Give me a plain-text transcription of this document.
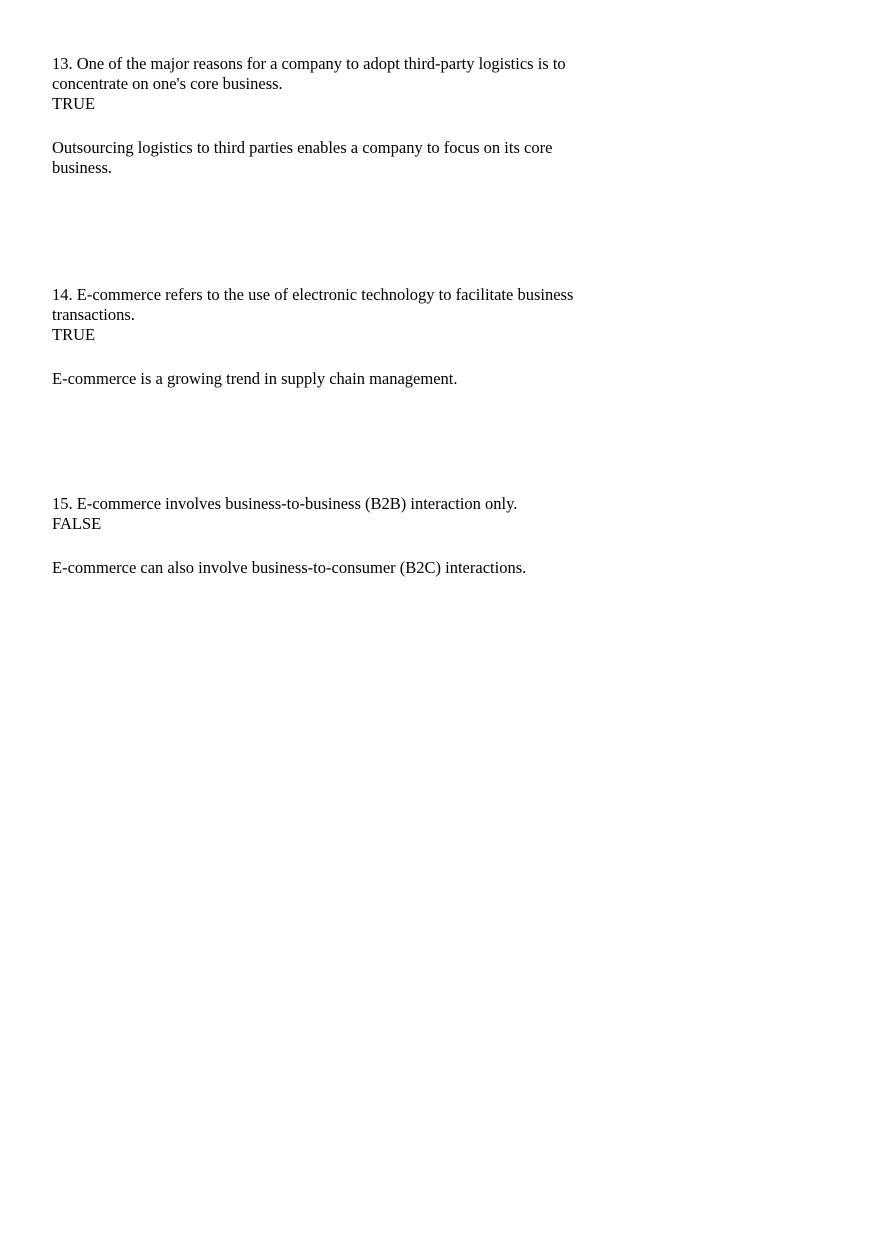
13. One of the major reasons for a company to adopt third-party logistics is to concentrate on one's core business.

TRUE

Outsourcing logistics to third parties enables a company to focus on its core business.

14. E-commerce refers to the use of electronic technology to facilitate business transactions.

TRUE

E-commerce is a growing trend in supply chain management.

15. E-commerce involves business-to-business (B2B) interaction only.

FALSE

E-commerce can also involve business-to-consumer (B2C) interactions.
